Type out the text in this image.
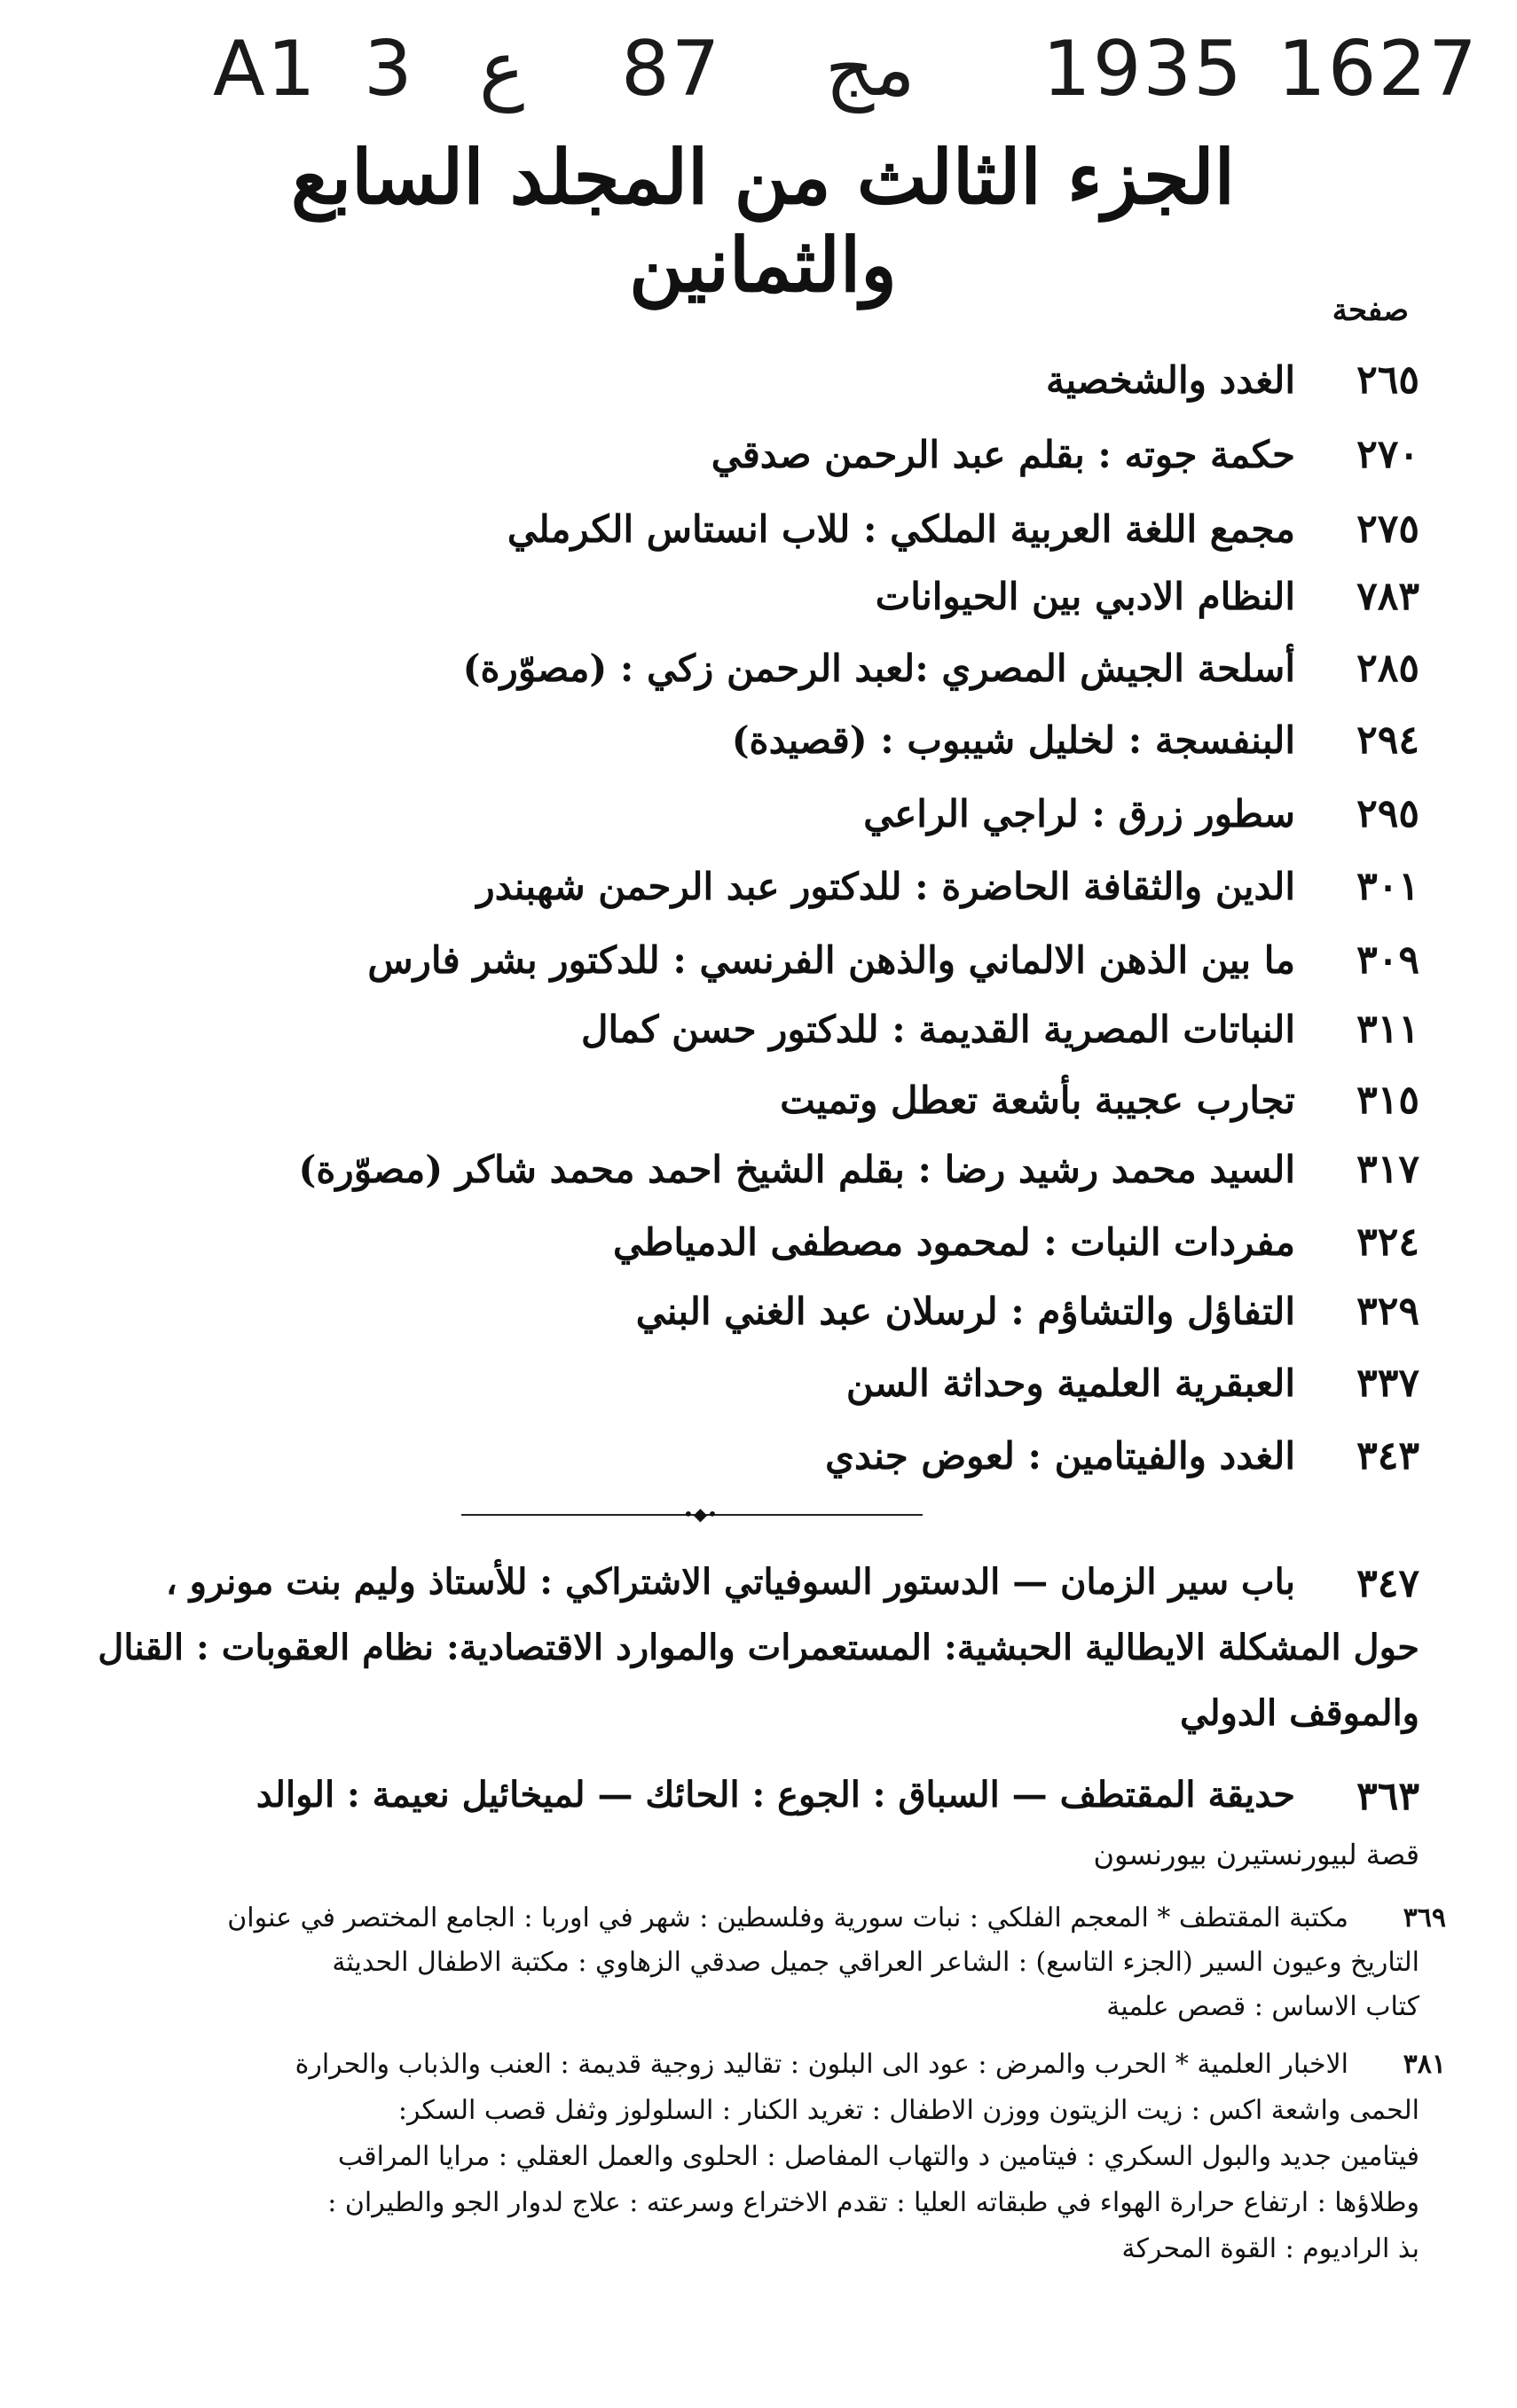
A1 3 ع 87 مج 1935 1627
الجزء الثالث من المجلد السابع والثمانين
صفحة
٢٦٥
الغدد والشخصية
٢٧٠
حكمة جوته : بقلم عبد الرحمن صدقي
٢٧٥
مجمع اللغة العربية الملكي : للاب انستاس الكرملي
٧٨٣
النظام الادبي بين الحيوانات
٢٨٥
أسلحة الجيش المصري :لعبد الرحمن زكي : (مصوّرة)
٢٩٤
البنفسجة : لخليل شيبوب : (قصيدة)
٢٩٥
سطور زرق : لراجي الراعي
٣٠١
الدين والثقافة الحاضرة : للدكتور عبد الرحمن شهبندر
٣٠٩
ما بين الذهن الالماني والذهن الفرنسي : للدكتور بشر فارس
٣١١
النباتات المصرية القديمة : للدكتور حسن كمال
٣١٥
تجارب عجيبة بأشعة تعطل وتميت
٣١٧
السيد محمد رشيد رضا : بقلم الشيخ احمد محمد شاكر (مصوّرة)
٣٢٤
مفردات النبات : لمحمود مصطفى الدمياطي
٣٢٩
التفاؤل والتشاؤم : لرسلان عبد الغني البني
٣٣٧
العبقرية العلمية وحداثة السن
٣٤٣
الغدد والفيتامين : لعوض جندي
•◆•
٣٤٧
باب سير الزمان — الدستور السوفياتي الاشتراكي : للأستاذ وليم بنت مونرو ،
حول المشكلة الايطالية الحبشية: المستعمرات والموارد الاقتصادية: نظام العقوبات : القنال
والموقف الدولي
٣٦٣
حديقة المقتطف — السباق : الجوع : الحائك — لميخائيل نعيمة : الوالد
قصة لبيورنستيرن بيورنسون
٣٦٩
مكتبة المقتطف * المعجم الفلكي : نبات سورية وفلسطين : شهر في اوربا : الجامع المختصر في عنوان
التاريخ وعيون السير (الجزء التاسع) : الشاعر العراقي جميل صدقي الزهاوي : مكتبة الاطفال الحديثة
كتاب الاساس : قصص علمية
٣٨١
الاخبار العلمية * الحرب والمرض : عود الى البلون : تقاليد زوجية قديمة : العنب والذباب والحرارة
الحمى واشعة اكس : زيت الزيتون ووزن الاطفال : تغريد الكنار : السلولوز وثفل قصب السكر:
فيتامين جديد والبول السكري : فيتامين د والتهاب المفاصل : الحلوى والعمل العقلي : مرايا المراقب
وطلاؤها : ارتفاع حرارة الهواء في طبقاته العليا : تقدم الاختراع وسرعته : علاج لدوار الجو والطيران :
بذ الراديوم : القوة المحركة
